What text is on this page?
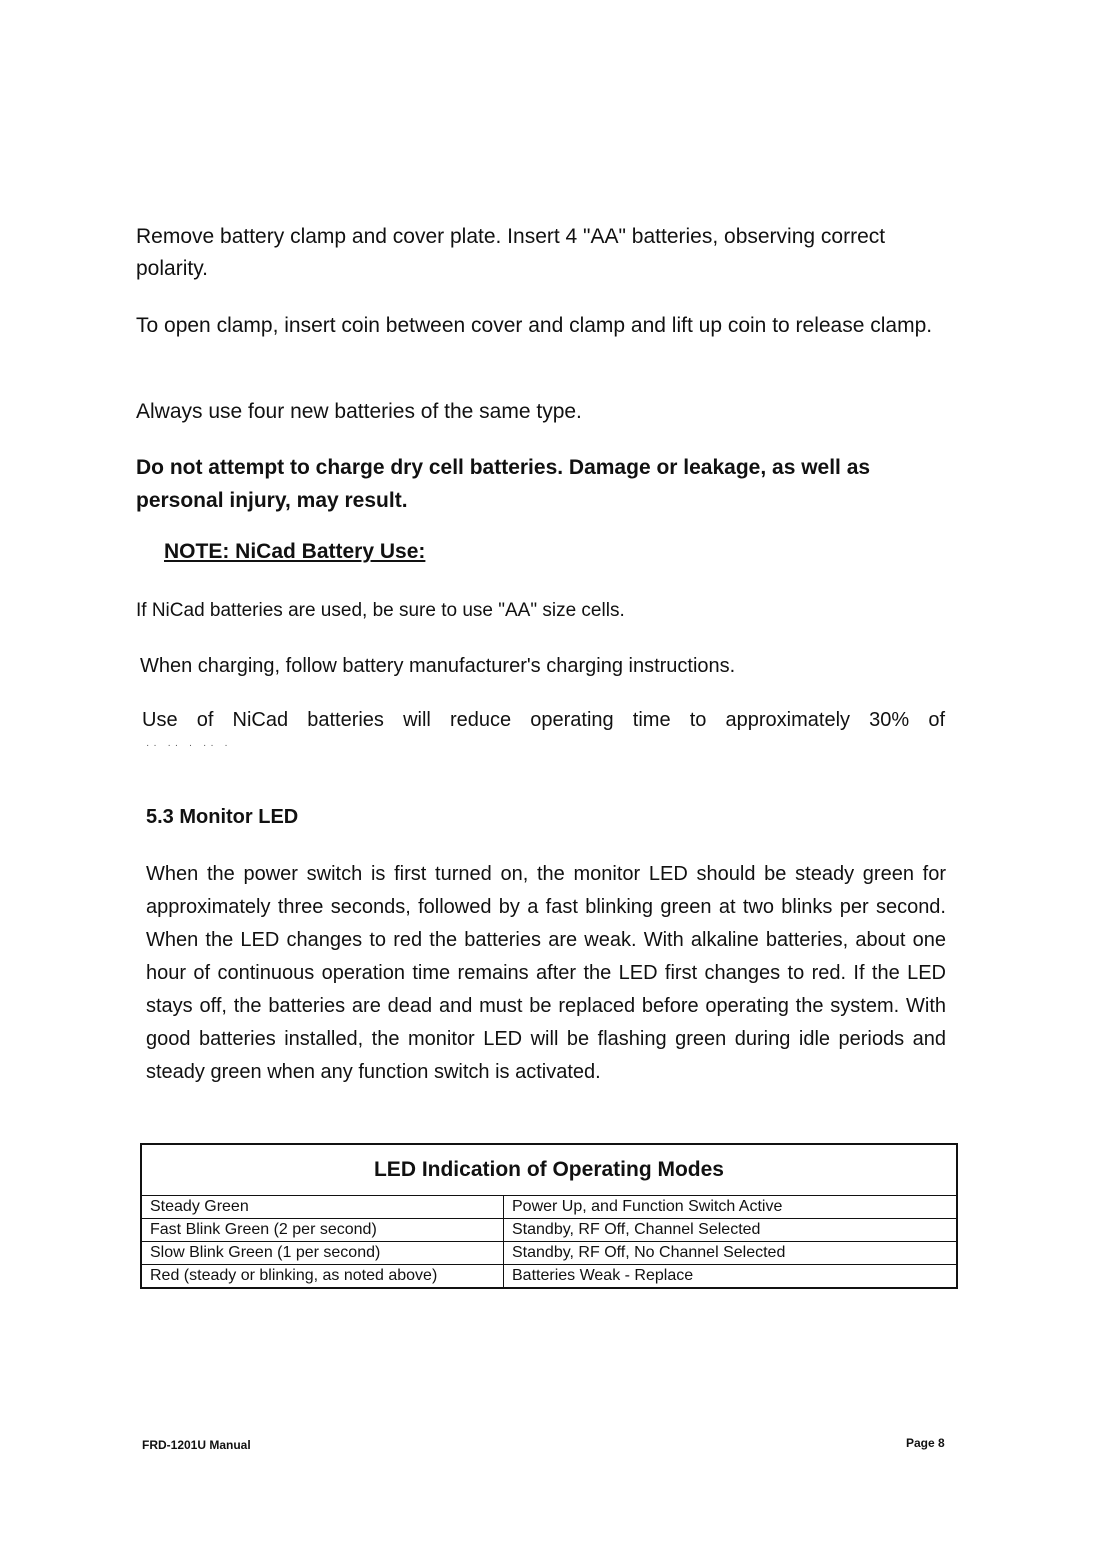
Remove battery clamp and cover plate. Insert 4 "AA" batteries, observing correct polarity.

To open clamp, insert coin between cover and clamp and lift up coin to release clamp.

Always use four new batteries of the same type.

Do not attempt to charge dry cell batteries. Damage or leakage, as well as personal injury, may result.

NOTE: NiCad Battery Use:

If NiCad batteries are used, be sure to use "AA" size cells.

When charging, follow battery manufacturer's charging instructions.

Use of NiCad batteries will reduce operating time to approximately 30% of

·· ·· · ·· ·

5.3 Monitor LED

When the power switch is first turned on, the monitor LED should be steady green for approximately three seconds, followed by a fast blinking green at two blinks per second. When the LED changes to red the batteries are weak. With alkaline batteries, about one hour of continuous operation time remains after the LED first changes to red. If the LED stays off, the batteries are dead and must be replaced before operating the system. With good batteries installed, the monitor LED will be flashing green during idle periods and steady green when any function switch is activated.

LED Indication of Operating Modes	
Steady Green	Power Up, and Function Switch Active
Fast Blink Green (2 per second)	Standby, RF Off, Channel Selected
Slow Blink Green (1 per second)	Standby, RF Off, No Channel Selected
Red (steady or blinking, as noted above)	Batteries Weak - Replace
FRD-1201U Manual	Page 8
